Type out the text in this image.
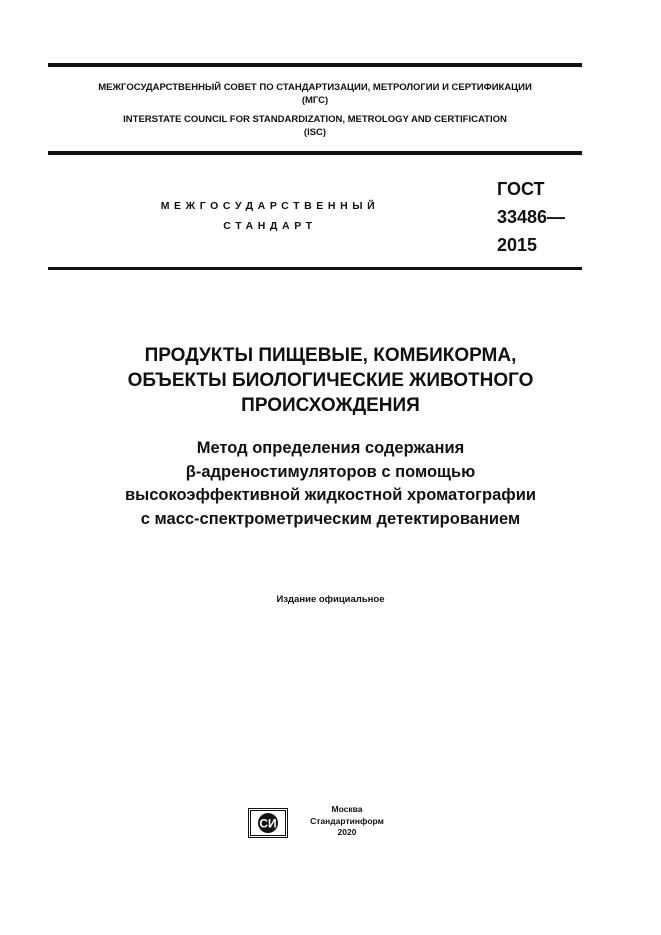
МЕЖГОСУДАРСТВЕННЫЙ СОВЕТ ПО СТАНДАРТИЗАЦИИ, МЕТРОЛОГИИ И СЕРТИФИКАЦИИ
(МГС)
INTERSTATE COUNCIL FOR STANDARDIZATION, METROLOGY AND CERTIFICATION
(ISC)
МЕЖГОСУДАРСТВЕННЫЙ
СТАНДАРТ
ГОСТ
33486—
2015
ПРОДУКТЫ ПИЩЕВЫЕ, КОМБИКОРМА,
ОБЪЕКТЫ БИОЛОГИЧЕСКИЕ ЖИВОТНОГО
ПРОИСХОЖДЕНИЯ
Метод определения содержания
β-адреностимуляторов с помощью
высокоэффективной жидкостной хроматографии
с масс-спектрометрическим детектированием
Издание официальное
СИ
Москва
Стандартинформ
2020
